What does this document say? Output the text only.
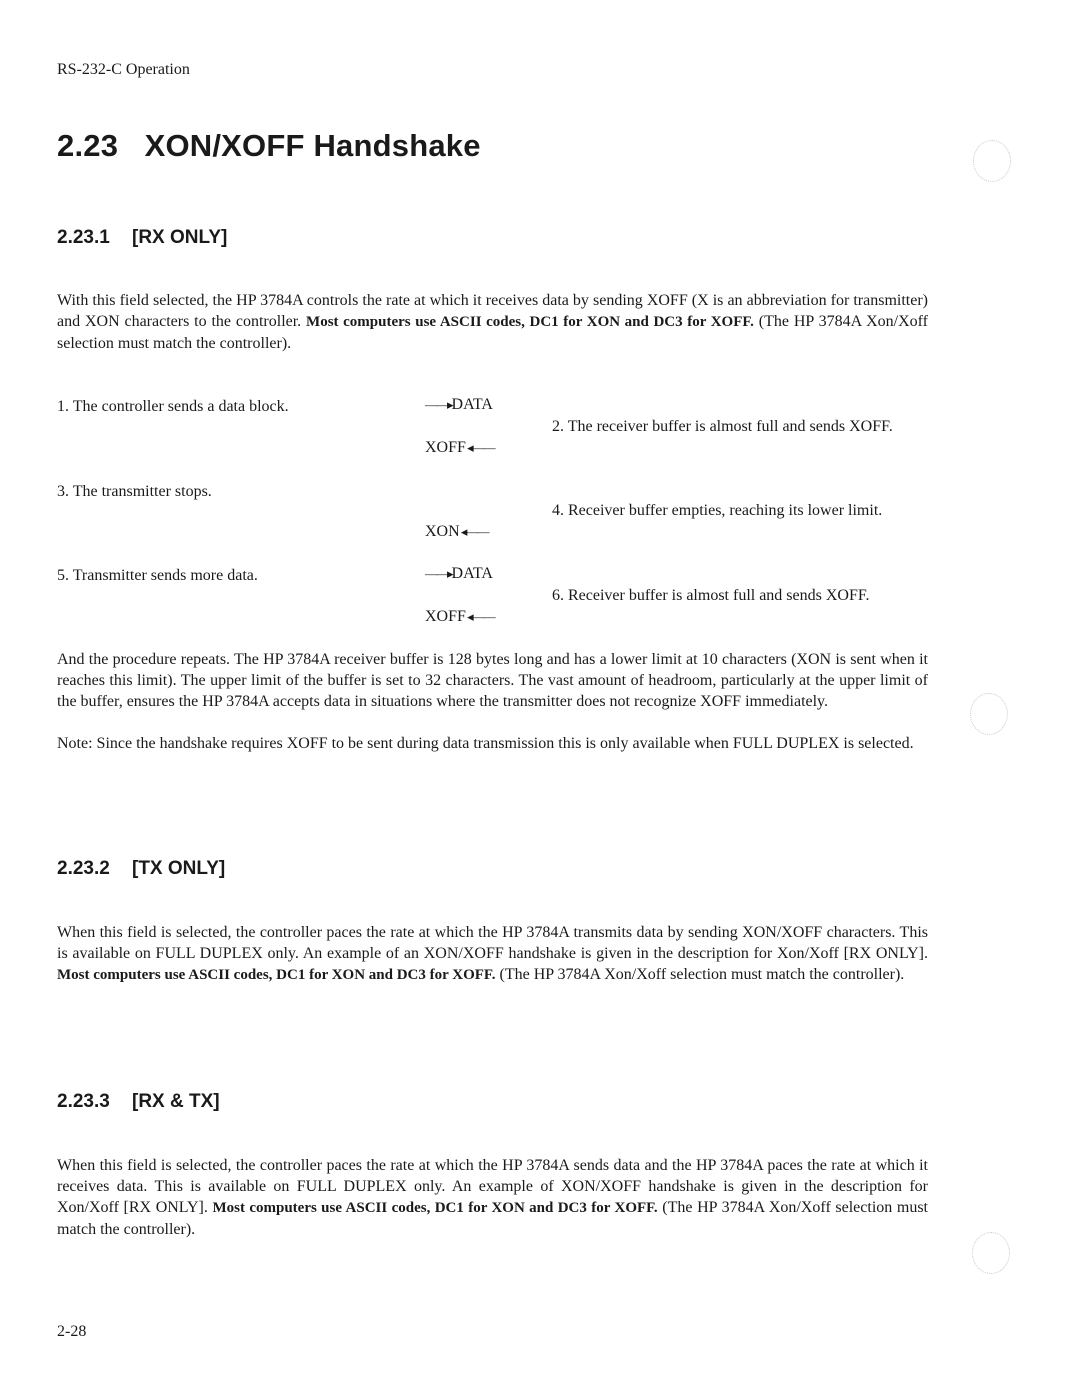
RS-232-C Operation
2.23 XON/XOFF Handshake
2.23.1 [RX ONLY]

With this field selected, the HP 3784A controls the rate at which it receives data by sending XOFF (X is an abbreviation for transmitter) and XON characters to the controller. Most computers use ASCII codes, DC1 for XON and DC3 for XOFF. (The HP 3784A Xon/Xoff selection must match the controller).

1. The controller sends a data block.	——▸ DATA

2. The receiver buffer is almost full and sends XOFF.

XOFF ◂——

3. The transmitter stops.

4. Receiver buffer empties, reaching its lower limit.

XON ◂——

5. Transmitter sends more data.	——▸ DATA

6. Receiver buffer is almost full and sends XOFF.

XOFF ◂——

And the procedure repeats. The HP 3784A receiver buffer is 128 bytes long and has a lower limit at 10 characters (XON is sent when it reaches this limit). The upper limit of the buffer is set to 32 characters. The vast amount of headroom, particularly at the upper limit of the buffer, ensures the HP 3784A accepts data in situations where the transmitter does not recognize XOFF immediately.

Note: Since the handshake requires XOFF to be sent during data transmission this is only available when FULL DUPLEX is selected.

2.23.2 [TX ONLY]

When this field is selected, the controller paces the rate at which the HP 3784A transmits data by sending XON/XOFF characters. This is available on FULL DUPLEX only. An example of an XON/XOFF handshake is given in the description for Xon/Xoff [RX ONLY]. Most computers use ASCII codes, DC1 for XON and DC3 for XOFF. (The HP 3784A Xon/Xoff selection must match the controller).

2.23.3 [RX & TX]

When this field is selected, the controller paces the rate at which the HP 3784A sends data and the HP 3784A paces the rate at which it receives data. This is available on FULL DUPLEX only. An example of XON/XOFF handshake is given in the description for Xon/Xoff [RX ONLY]. Most computers use ASCII codes, DC1 for XON and DC3 for XOFF. (The HP 3784A Xon/Xoff selection must match the controller).

2-28
